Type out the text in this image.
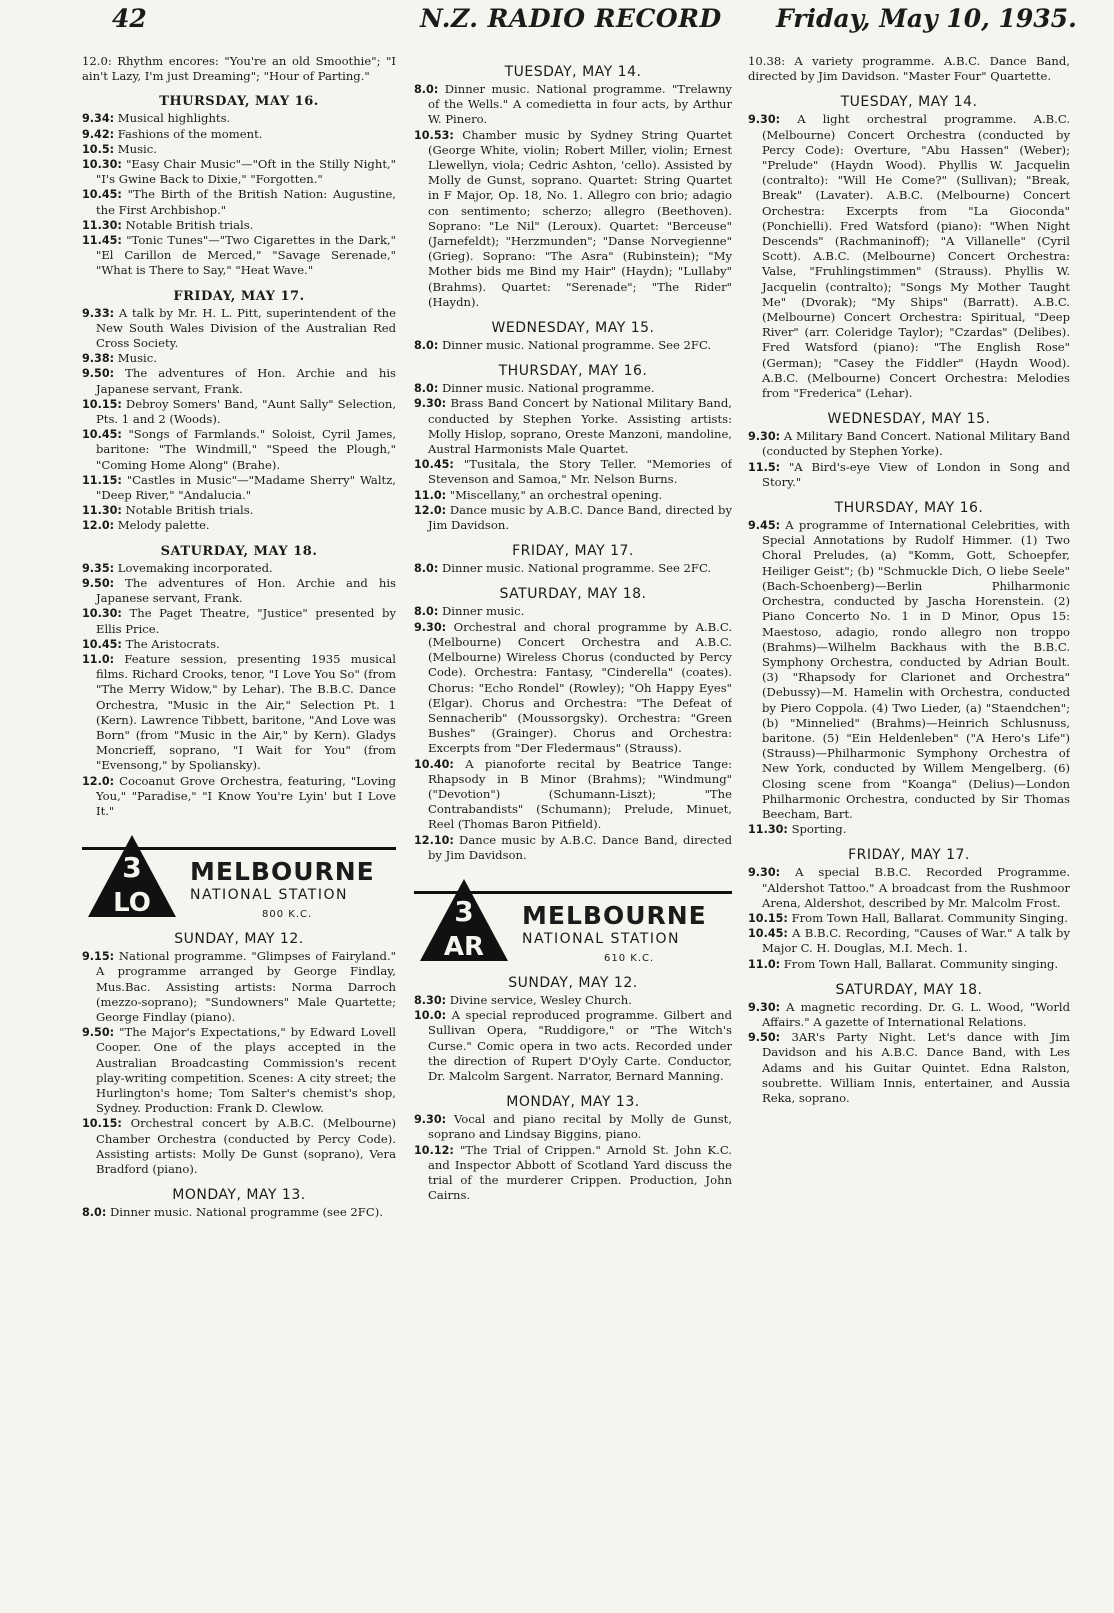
42	N.Z. RADIO RECORD Friday, May 10, 1935.
12.0: Rhythm encores: "You're an old Smoothie"; "I ain't Lazy, I'm just Dreaming"; "Hour of Parting."
THURSDAY, MAY 16.

9.34: Musical highlights.

9.42: Fashions of the moment.

10.5: Music.

10.30: "Easy Chair Music"—"Oft in the Stilly Night," "I's Gwine Back to Dixie," "Forgotten."

10.45: "The Birth of the British Nation: Augustine, the First Archbishop."

11.30: Notable British trials.

11.45: "Tonic Tunes"—"Two Cigarettes in the Dark," "El Carillon de Merced," "Savage Serenade," "What is There to Say," "Heat Wave."

FRIDAY, MAY 17.

9.33: A talk by Mr. H. L. Pitt, superintendent of the New South Wales Division of the Australian Red Cross Society.

9.38: Music.

9.50: The adventures of Hon. Archie and his Japanese servant, Frank.

10.15: Debroy Somers' Band, "Aunt Sally" Selection, Pts. 1 and 2 (Woods).

10.45: "Songs of Farmlands." Soloist, Cyril James, baritone: "The Windmill," "Speed the Plough," "Coming Home Along" (Brahe).

11.15: "Castles in Music"—"Madame Sherry" Waltz, "Deep River," "Andalucia."

11.30: Notable British trials.

12.0: Melody palette.

SATURDAY, MAY 18.

9.35: Lovemaking incorporated.

9.50: The adventures of Hon. Archie and his Japanese servant, Frank.

10.30: The Paget Theatre, "Justice" presented by Ellis Price.

10.45: The Aristocrats.

11.0: Feature session, presenting 1935 musical films. Richard Crooks, tenor, "I Love You So" (from "The Merry Widow," by Lehar). The B.B.C. Dance Orchestra, "Music in the Air," Selection Pt. 1 (Kern). Lawrence Tibbett, baritone, "And Love was Born" (from "Music in the Air," by Kern). Gladys Moncrieff, soprano, "I Wait for You" (from "Evensong," by Spoliansky).

12.0: Cocoanut Grove Orchestra, featuring, "Loving You," "Paradise," "I Know You're Lyin' but I Love It."

3
LO
MELBOURNE
NATIONAL STATION
800 K.C.
SUNDAY, MAY 12.

9.15: National programme. "Glimpses of Fairyland." A programme arranged by George Findlay, Mus.Bac. Assisting artists: Norma Darroch (mezzo-soprano); "Sundowners" Male Quartette; George Findlay (piano).

9.50: "The Major's Expectations," by Edward Lovell Cooper. One of the plays accepted in the Australian Broadcasting Commission's recent play-writing competition. Scenes: A city street; the Hurlington's home; Tom Salter's chemist's shop, Sydney. Production: Frank D. Clewlow.

10.15: Orchestral concert by A.B.C. (Melbourne) Chamber Orchestra (conducted by Percy Code). Assisting artists: Molly De Gunst (soprano), Vera Bradford (piano).

MONDAY, MAY 13.

8.0: Dinner music. National programme (see 2FC).

TUESDAY, MAY 14.

8.0: Dinner music. National programme. "Trelawny of the Wells." A comedietta in four acts, by Arthur W. Pinero.

10.53: Chamber music by Sydney String Quartet (George White, violin; Robert Miller, violin; Ernest Llewellyn, viola; Cedric Ashton, 'cello). Assisted by Molly de Gunst, soprano. Quartet: String Quartet in F Major, Op. 18, No. 1. Allegro con brio; adagio con sentimento; scherzo; allegro (Beethoven). Soprano: "Le Nil" (Leroux). Quartet: "Berceuse" (Jarnefeldt); "Herzmunden"; "Danse Norvegienne" (Grieg). Soprano: "The Asra" (Rubinstein); "My Mother bids me Bind my Hair" (Haydn); "Lullaby" (Brahms). Quartet: "Serenade"; "The Rider" (Haydn).

WEDNESDAY, MAY 15.

8.0: Dinner music. National programme. See 2FC.

THURSDAY, MAY 16.

8.0: Dinner music. National programme.

9.30: Brass Band Concert by National Military Band, conducted by Stephen Yorke. Assisting artists: Molly Hislop, soprano, Oreste Manzoni, mandoline, Austral Harmonists Male Quartet.

10.45: "Tusitala, the Story Teller. "Memories of Stevenson and Samoa," Mr. Nelson Burns.

11.0: "Miscellany," an orchestral opening.

12.0: Dance music by A.B.C. Dance Band, directed by Jim Davidson.

FRIDAY, MAY 17.

8.0: Dinner music. National programme. See 2FC.

SATURDAY, MAY 18.

8.0: Dinner music.

9.30: Orchestral and choral programme by A.B.C. (Melbourne) Concert Orchestra and A.B.C. (Melbourne) Wireless Chorus (conducted by Percy Code). Orchestra: Fantasy, "Cinderella" (coates). Chorus: "Echo Rondel" (Rowley); "Oh Happy Eyes" (Elgar). Chorus and Orchestra: "The Defeat of Sennacherib" (Moussorgsky). Orchestra: "Green Bushes" (Grainger). Chorus and Orchestra: Excerpts from "Der Fledermaus" (Strauss).

10.40: A pianoforte recital by Beatrice Tange: Rhapsody in B Minor (Brahms); "Windmung" ("Devotion") (Schumann-Liszt); "The Contrabandists" (Schumann); Prelude, Minuet, Reel (Thomas Baron Pitfield).

12.10: Dance music by A.B.C. Dance Band, directed by Jim Davidson.

3
AR
MELBOURNE
NATIONAL STATION
610 K.C.
SUNDAY, MAY 12.

8.30: Divine service, Wesley Church.

10.0: A special reproduced programme. Gilbert and Sullivan Opera, "Ruddigore," or "The Witch's Curse." Comic opera in two acts. Recorded under the direction of Rupert D'Oyly Carte. Conductor, Dr. Malcolm Sargent. Narrator, Bernard Manning.

MONDAY, MAY 13.

9.30: Vocal and piano recital by Molly de Gunst, soprano and Lindsay Biggins, piano.

10.12: "The Trial of Crippen." Arnold St. John K.C. and Inspector Abbott of Scotland Yard discuss the trial of the murderer Crippen. Production, John Cairns.

10.38: A variety programme. A.B.C. Dance Band, directed by Jim Davidson. "Master Four" Quartette.
TUESDAY, MAY 14.

9.30: A light orchestral programme. A.B.C. (Melbourne) Concert Orchestra (conducted by Percy Code): Overture, "Abu Hassen" (Weber); "Prelude" (Haydn Wood). Phyllis W. Jacquelin (contralto): "Will He Come?" (Sullivan); "Break, Break" (Lavater). A.B.C. (Melbourne) Concert Orchestra: Excerpts from "La Gioconda" (Ponchielli). Fred Watsford (piano): "When Night Descends" (Rachmaninoff); "A Villanelle" (Cyril Scott). A.B.C. (Melbourne) Concert Orchestra: Valse, "Fruhlingstimmen" (Strauss). Phyllis W. Jacquelin (contralto); "Songs My Mother Taught Me" (Dvorak); "My Ships" (Barratt). A.B.C. (Melbourne) Concert Orchestra: Spiritual, "Deep River" (arr. Coleridge Taylor); "Czardas" (Delibes). Fred Watsford (piano): "The English Rose" (German); "Casey the Fiddler" (Haydn Wood). A.B.C. (Melbourne) Concert Orchestra: Melodies from "Frederica" (Lehar).

WEDNESDAY, MAY 15.

9.30: A Military Band Concert. National Military Band (conducted by Stephen Yorke).

11.5: "A Bird's-eye View of London in Song and Story."

THURSDAY, MAY 16.

9.45: A programme of International Celebrities, with Special Annotations by Rudolf Himmer. (1) Two Choral Preludes, (a) "Komm, Gott, Schoepfer, Heiliger Geist"; (b) "Schmuckle Dich, O liebe Seele" (Bach-Schoenberg)—Berlin Philharmonic Orchestra, conducted by Jascha Horenstein. (2) Piano Concerto No. 1 in D Minor, Opus 15: Maestoso, adagio, rondo allegro non troppo (Brahms)—Wilhelm Backhaus with the B.B.C. Symphony Orchestra, conducted by Adrian Boult. (3) "Rhapsody for Clarionet and Orchestra" (Debussy)—M. Hamelin with Orchestra, conducted by Piero Coppola. (4) Two Lieder, (a) "Staendchen"; (b) "Minnelied" (Brahms)—Heinrich Schlusnuss, baritone. (5) "Ein Heldenleben" ("A Hero's Life") (Strauss)—Philharmonic Symphony Orchestra of New York, conducted by Willem Mengelberg. (6) Closing scene from "Koanga" (Delius)—London Philharmonic Orchestra, conducted by Sir Thomas Beecham, Bart.

11.30: Sporting.

FRIDAY, MAY 17.

9.30: A special B.B.C. Recorded Programme. "Aldershot Tattoo." A broadcast from the Rushmoor Arena, Aldershot, described by Mr. Malcolm Frost.

10.15: From Town Hall, Ballarat. Community Singing.

10.45: A B.B.C. Recording, "Causes of War." A talk by Major C. H. Douglas, M.I. Mech. 1.

11.0: From Town Hall, Ballarat. Community singing.

SATURDAY, MAY 18.

9.30: A magnetic recording. Dr. G. L. Wood, "World Affairs." A gazette of International Relations.

9.50: 3AR's Party Night. Let's dance with Jim Davidson and his A.B.C. Dance Band, with Les Adams and his Guitar Quintet. Edna Ralston, soubrette. William Innis, entertainer, and Aussia Reka, soprano.
